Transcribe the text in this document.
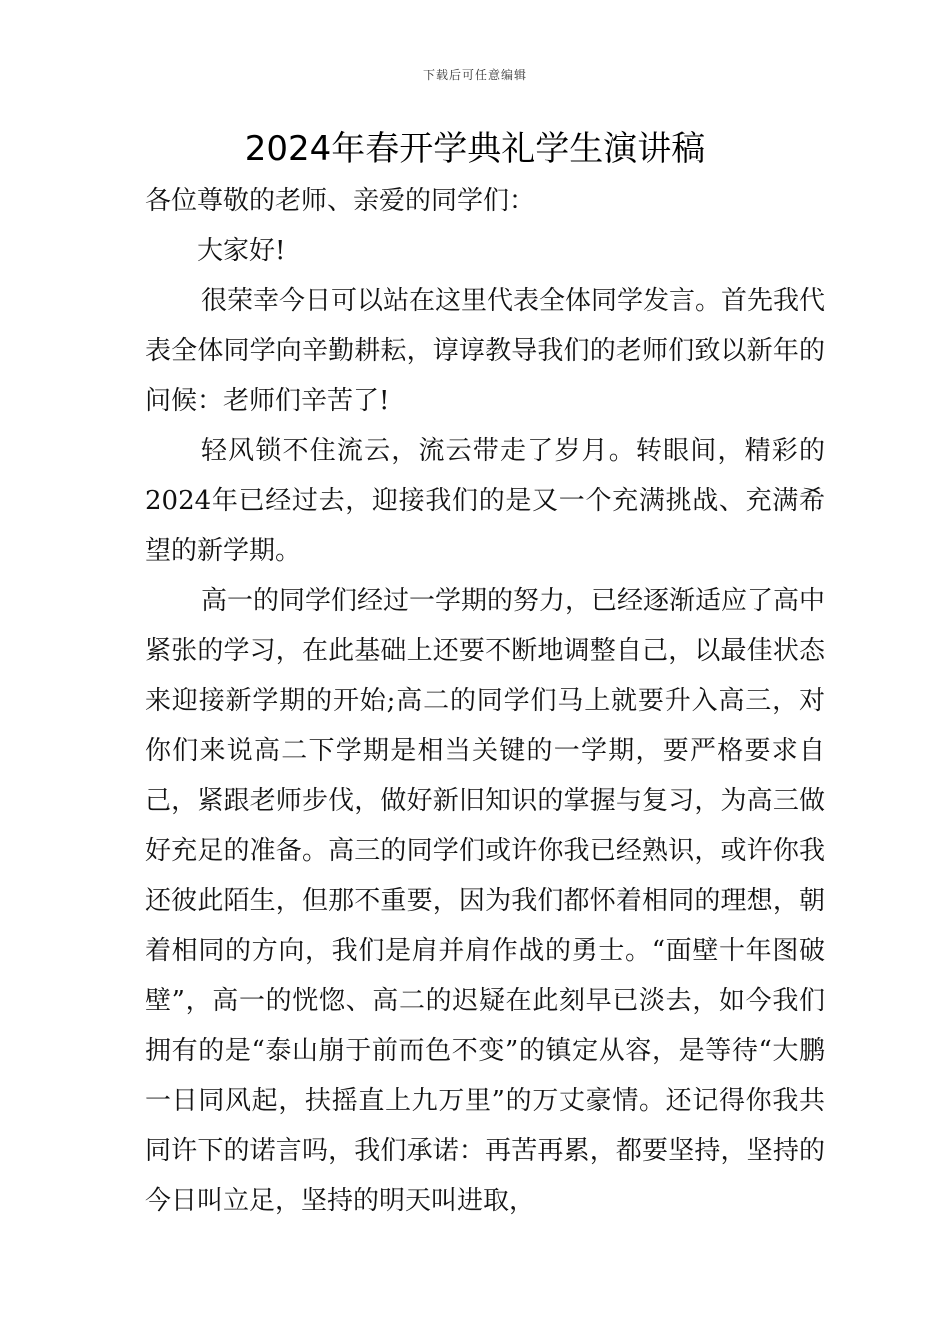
下载后可任意编辑
2024年春开学典礼学生演讲稿

各位尊敬的老师、亲爱的同学们：

大家好!

很荣幸今日可以站在这里代表全体同学发言。首先我代表全体同学向辛勤耕耘，谆谆教导我们的老师们致以新年的问候：老师们辛苦了!

轻风锁不住流云，流云带走了岁月。转眼间，精彩的2024年已经过去，迎接我们的是又一个充满挑战、充满希望的新学期。

高一的同学们经过一学期的努力，已经逐渐适应了高中紧张的学习，在此基础上还要不断地调整自己，以最佳状态来迎接新学期的开始;高二的同学们马上就要升入高三，对你们来说高二下学期是相当关键的一学期，要严格要求自己，紧跟老师步伐，做好新旧知识的掌握与复习，为高三做好充足的准备。高三的同学们或许你我已经熟识，或许你我还彼此陌生，但那不重要，因为我们都怀着相同的理想，朝着相同的方向，我们是肩并肩作战的勇士。“面壁十年图破壁”，高一的恍惚、高二的迟疑在此刻早已淡去，如今我们拥有的是“泰山崩于前而色不变”的镇定从容，是等待“大鹏一日同风起，扶摇直上九万里”的万丈豪情。还记得你我共同许下的诺言吗，我们承诺：再苦再累，都要坚持，坚持的今日叫立足，坚持的明天叫进取，
